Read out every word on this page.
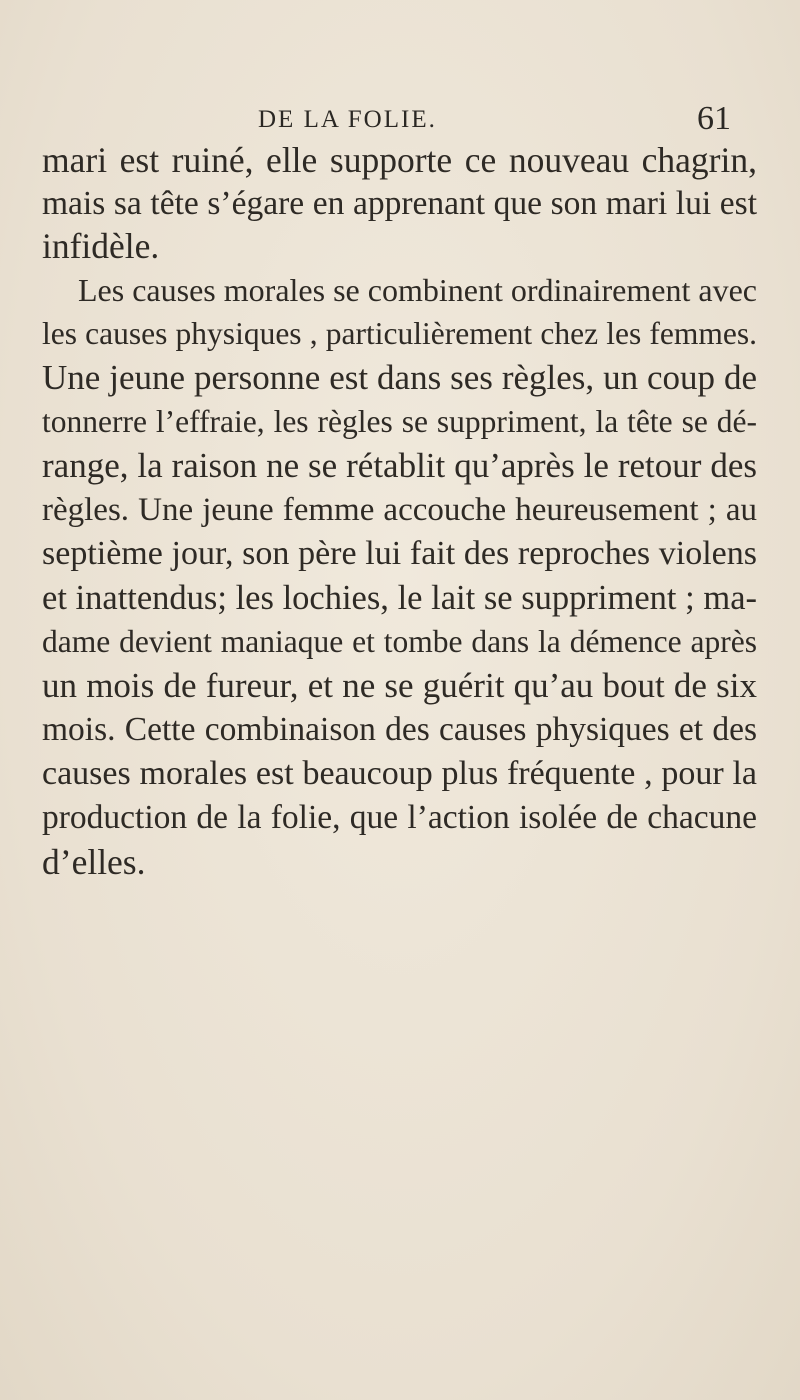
DE LA FOLIE.	61
mari est ruiné, elle supporte ce nouveau chagrin,
mais sa tête s’égare en apprenant que son mari lui est
infidèle.
Les causes morales se combinent ordinairement avec
les causes physiques , particulièrement chez les femmes.
Une jeune personne est dans ses règles, un coup de
tonnerre l’effraie, les règles se suppriment, la tête se dé-
range, la raison ne se rétablit qu’après le retour des
règles. Une jeune femme accouche heureusement ; au
septième jour, son père lui fait des reproches violens
et inattendus; les lochies, le lait se suppriment ; ma-
dame devient maniaque et tombe dans la démence après
un mois de fureur, et ne se guérit qu’au bout de six
mois. Cette combinaison des causes physiques et des
causes morales est beaucoup plus fréquente , pour la
production de la folie, que l’action isolée de chacune
d’elles.
